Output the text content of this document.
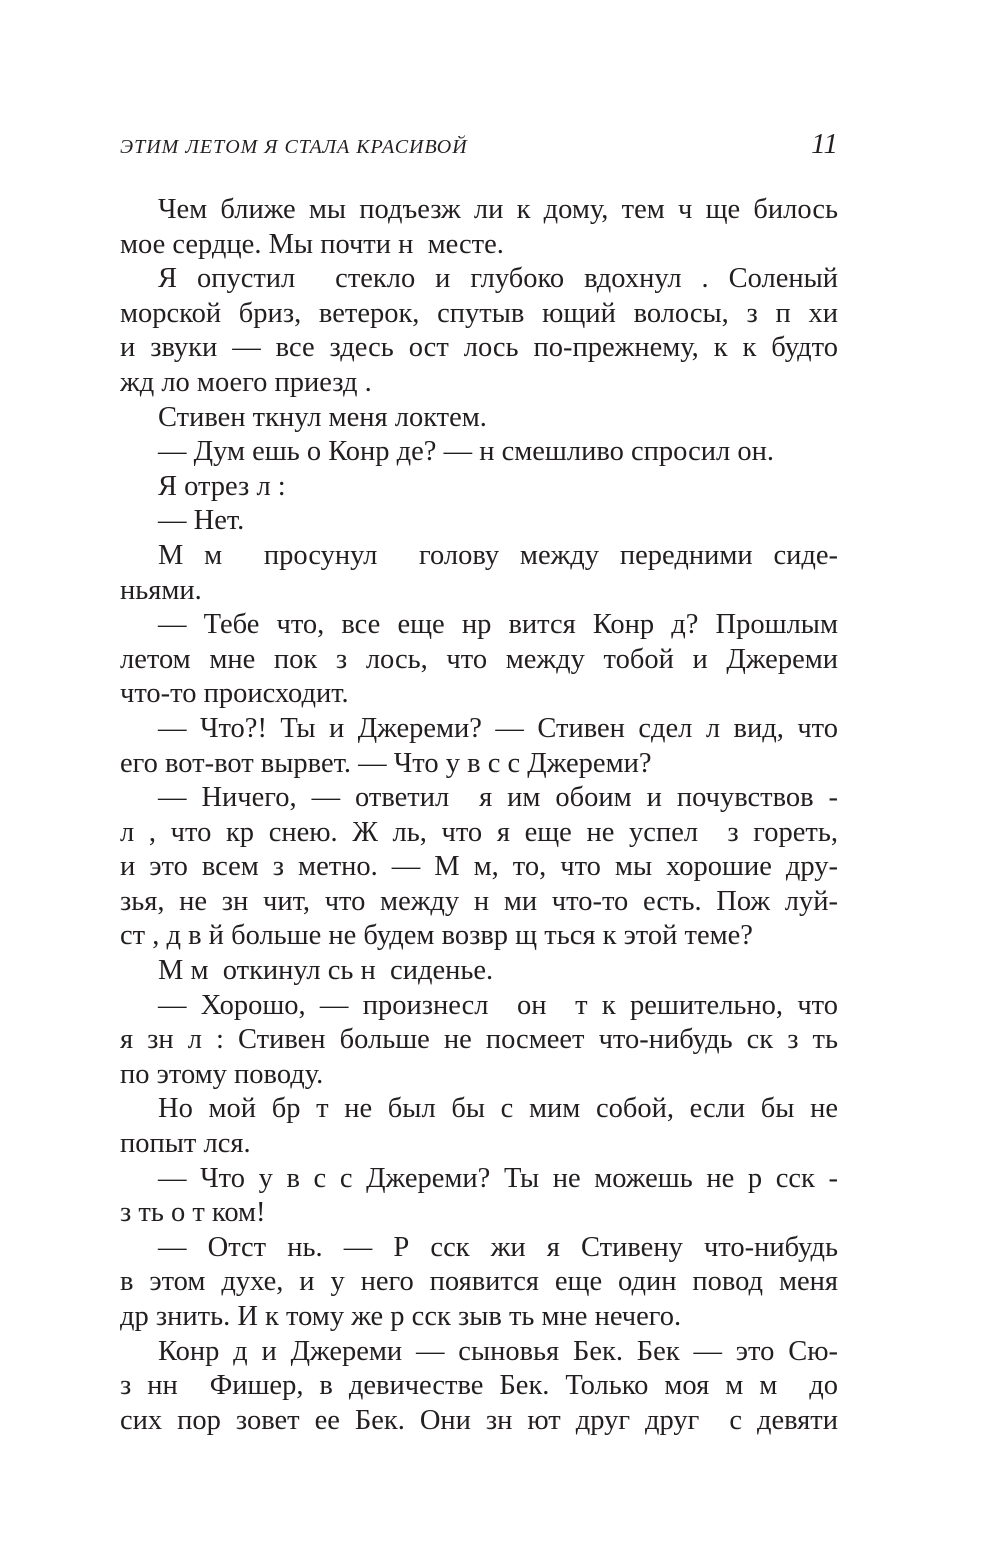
ЭТИМ ЛЕТОМ Я СТАЛА КРАСИВОЙ	11
Чем ближе мы подъезж ли к дому, тем ч ще билось
мое сердце. Мы почти н  месте.
Я опустил  стекло и глубоко вдохнул . Соленый
морской бриз, ветерок, спутыв ющий волосы, з п хи
и звуки — все здесь ост лось по-прежнему, к к будто
жд ло моего приезд .
Стивен ткнул меня локтем.
— Дум ешь о Конр де? — н смешливо спросил он.
Я отрез л :
— Нет.
М м  просунул  голову между передними сиде-
ньями.
— Тебе что, все еще нр вится Конр д? Прошлым
летом мне пок з лось, что между тобой и Джереми
что-то происходит.
— Что?! Ты и Джереми? — Стивен сдел л вид, что
его вот-вот вырвет. — Что у в с с Джереми?
— Ничего, — ответил  я им обоим и почувствов -
л , что кр снею. Ж ль, что я еще не успел  з гореть,
и это всем з метно. — М м, то, что мы хорошие дру-
зья, не зн чит, что между н ми что-то есть. Пож луй-
ст , д в й больше не будем возвр щ ться к этой теме?
М м  откинул сь н  сиденье.
— Хорошо, — произнесл  он  т к решительно, что
я зн л : Стивен больше не посмеет что-нибудь ск з ть
по этому поводу.
Но мой бр т не был бы с мим собой, если бы не
попыт лся.
— Что у в с с Джереми? Ты не можешь не р сск -
з ть о т ком!
— Отст нь. — Р сск жи я Стивену что-нибудь
в этом духе, и у него появится еще один повод меня
др знить. И к тому же р сск зыв ть мне нечего.
Конр д и Джереми — сыновья Бек. Бек — это Сю-
з нн  Фишер, в девичестве Бек. Только моя м м  до
сих пор зовет ее Бек. Они зн ют друг друг  с девяти
